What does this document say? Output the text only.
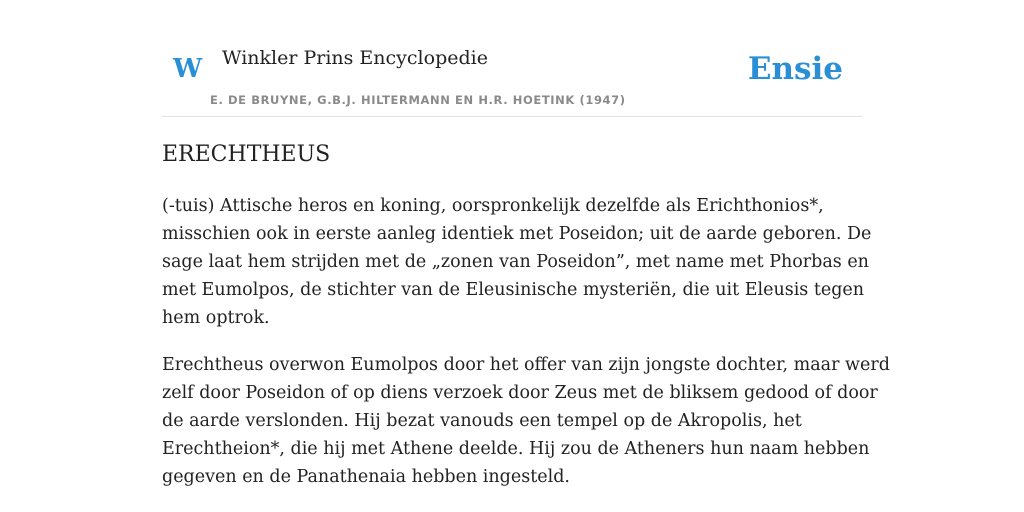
W Winkler Prins Encyclopedie
E. DE BRUYNE, G.B.J. HILTERMANN EN H.R. HOETINK (1947)
Ensie
ERECHTHEUS

(-tuis) Attische heros en koning, oorspronkelijk dezelfde als Erichthonios*,
misschien ook in eerste aanleg identiek met Poseidon; uit de aarde geboren. De
sage laat hem strijden met de „zonen van Poseidon”, met name met Phorbas en
met Eumolpos, de stichter van de Eleusinische mysteriën, die uit Eleusis tegen
hem optrok.

Erechtheus overwon Eumolpos door het offer van zijn jongste dochter, maar werd
zelf door Poseidon of op diens verzoek door Zeus met de bliksem gedood of door
de aarde verslonden. Hij bezat vanouds een tempel op de Akropolis, het
Erechtheion*, die hij met Athene deelde. Hij zou de Atheners hun naam hebben
gegeven en de Panathenaia hebben ingesteld.
